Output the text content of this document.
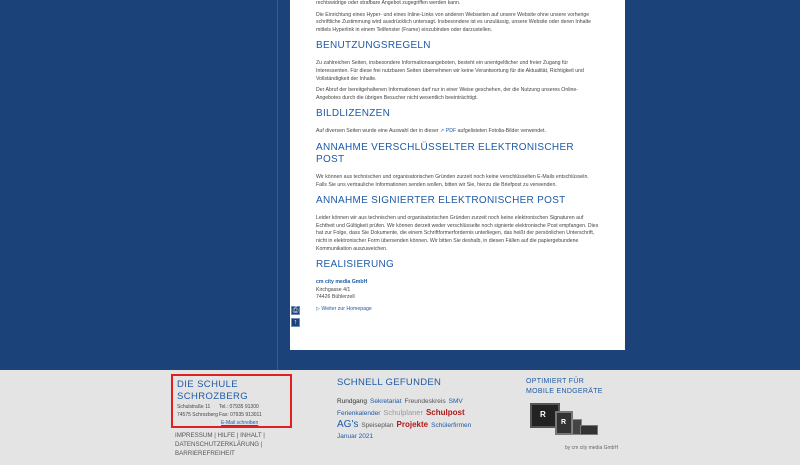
rechtswidrige oder strafbare Angebot zugegriffen werden kann.

Die Einrichtung eines Hyper- und eines Inline-Links von anderen Webseiten auf unsere Website ohne unsere vorherige schriftliche Zustimmung wird ausdrücklich untersagt. Insbesondere ist es unzulässig, unsere Website oder deren Inhalte mittels Hyperlink in einem Teilfenster (Frame) einzubinden oder darzustellen.

BENUTZUNGSREGELN

Zu zahlreichen Seiten, insbesondere Informationsangeboten, besteht ein unentgeltlicher und freier Zugang für Interessenten. Für diese frei nutzbaren Seiten übernehmen wir keine Verantwortung für die Aktualität, Richtigkeit und Vollständigkeit der Inhalte.

Der Abruf der bereitgehaltenen Informationen darf nur in einer Weise geschehen, der die Nutzung unseres Online-Angebotes durch die übrigen Besucher nicht wesentlich beeinträchtigt.

BILDLIZENZEN

Auf diversen Seiten wurde eine Auswahl der in dieser ↗ PDF aufgelisteten Fotolia-Bilder verwendet.

ANNAHME VERSCHLÜSSELTER ELEKTRONISCHER POST

Wir können aus technischen und organisatorischen Gründen zurzeit noch keine verschlüsselten E-Mails entschlüsseln. Falls Sie uns vertrauliche Informationen senden wollen, bitten wir Sie, hierzu die Briefpost zu verwenden.

ANNAHME SIGNIERTER ELEKTRONISCHER POST

Leider können wir aus technischen und organisatorischen Gründen zurzeit noch keine elektronischen Signaturen auf Echtheit und Gültigkeit prüfen. Wir können derzeit weder verschlüsselte noch signierte elektronische Post empfangen. Dies hat zur Folge, dass Sie Dokumente, die einem Schriftformerfordernis unterliegen, das heißt der persönlichen Unterschrift, nicht in elektronischer Form übersenden können. Wir bitten Sie deshalb, in diesen Fällen auf die papiergebundene Kommunikation auszuweichen.

REALISIERUNG

cm city media GmbH
Kirchgasse 4/1
74426 Bühlerzell

▷ Weiter zur Homepage

⎙
↑
DIE SCHULE SCHROZBERG
Schulstraße 11	Tel.: 07935 91300
74575 Schrozberg Fax: 07935 913011
E-Mail schreiben
IMPRESSUM | HILFE | INHALT |
DATENSCHUTZERKLÄRUNG |
BARRIEREFREIHEIT
SCHNELL GEFUNDEN
Rundgang Sekretariat Freundeskreis SMV
Ferienkalender Schulplaner Schulpost
AG's Speiseplan Projekte Schülerfirmen
Januar 2021
OPTIMIERT FÜR
MOBILE ENDGERÄTE
R
R
by cm city media GmbH
